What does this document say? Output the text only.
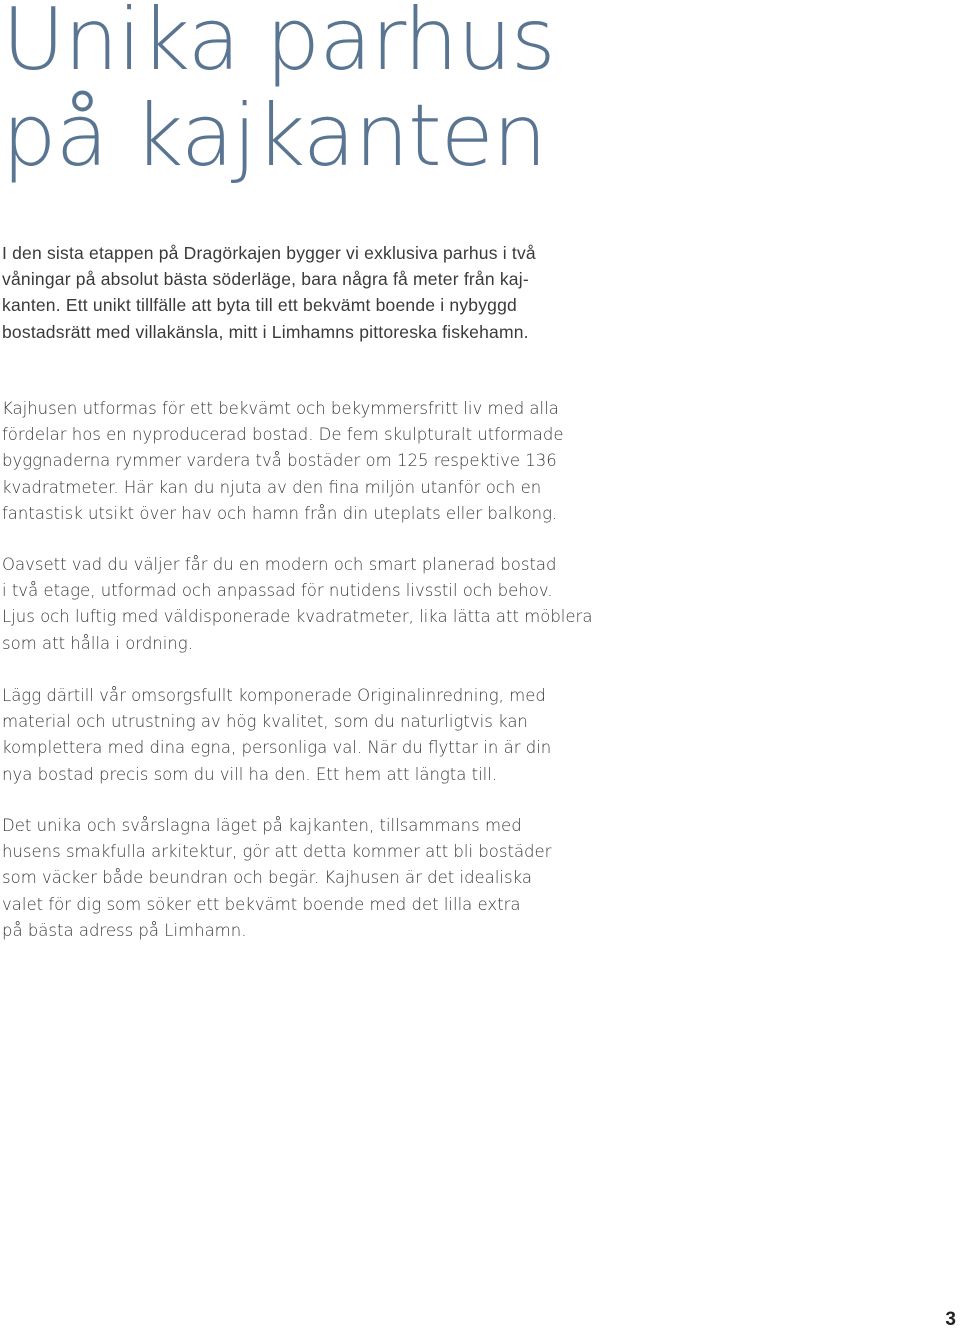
Unika parhus
på kajkanten

I den sista etappen på Dragörkajen bygger vi exklusiva parhus i två
våningar på absolut bästa söderläge, bara några få meter från kaj-
kanten. Ett unikt tillfälle att byta till ett bekvämt boende i nybyggd
bostadsrätt med villakänsla, mitt i Limhamns pittoreska fiskehamn.

Kajhusen utformas för ett bekvämt och bekymmersfritt liv med alla
fördelar hos en nyproducerad bostad. De fem skulpturalt utformade
byggnaderna rymmer vardera två bostäder om 125 respektive 136
kvadratmeter. Här kan du njuta av den fina miljön utanför och en
fantastisk utsikt över hav och hamn från din uteplats eller balkong.

Oavsett vad du väljer får du en modern och smart planerad bostad
i två etage, utformad och anpassad för nutidens livsstil och behov.
Ljus och luftig med väldisponerade kvadratmeter, lika lätta att möblera
som att hålla i ordning.

Lägg därtill vår omsorgsfullt komponerade Originalinredning, med
material och utrustning av hög kvalitet, som du naturligtvis kan
komplettera med dina egna, personliga val. När du flyttar in är din
nya bostad precis som du vill ha den. Ett hem att längta till.

Det unika och svårslagna läget på kajkanten, tillsammans med
husens smakfulla arkitektur, gör att detta kommer att bli bostäder
som väcker både beundran och begär. Kajhusen är det idealiska
valet för dig som söker ett bekvämt boende med det lilla extra
på bästa adress på Limhamn.

3
